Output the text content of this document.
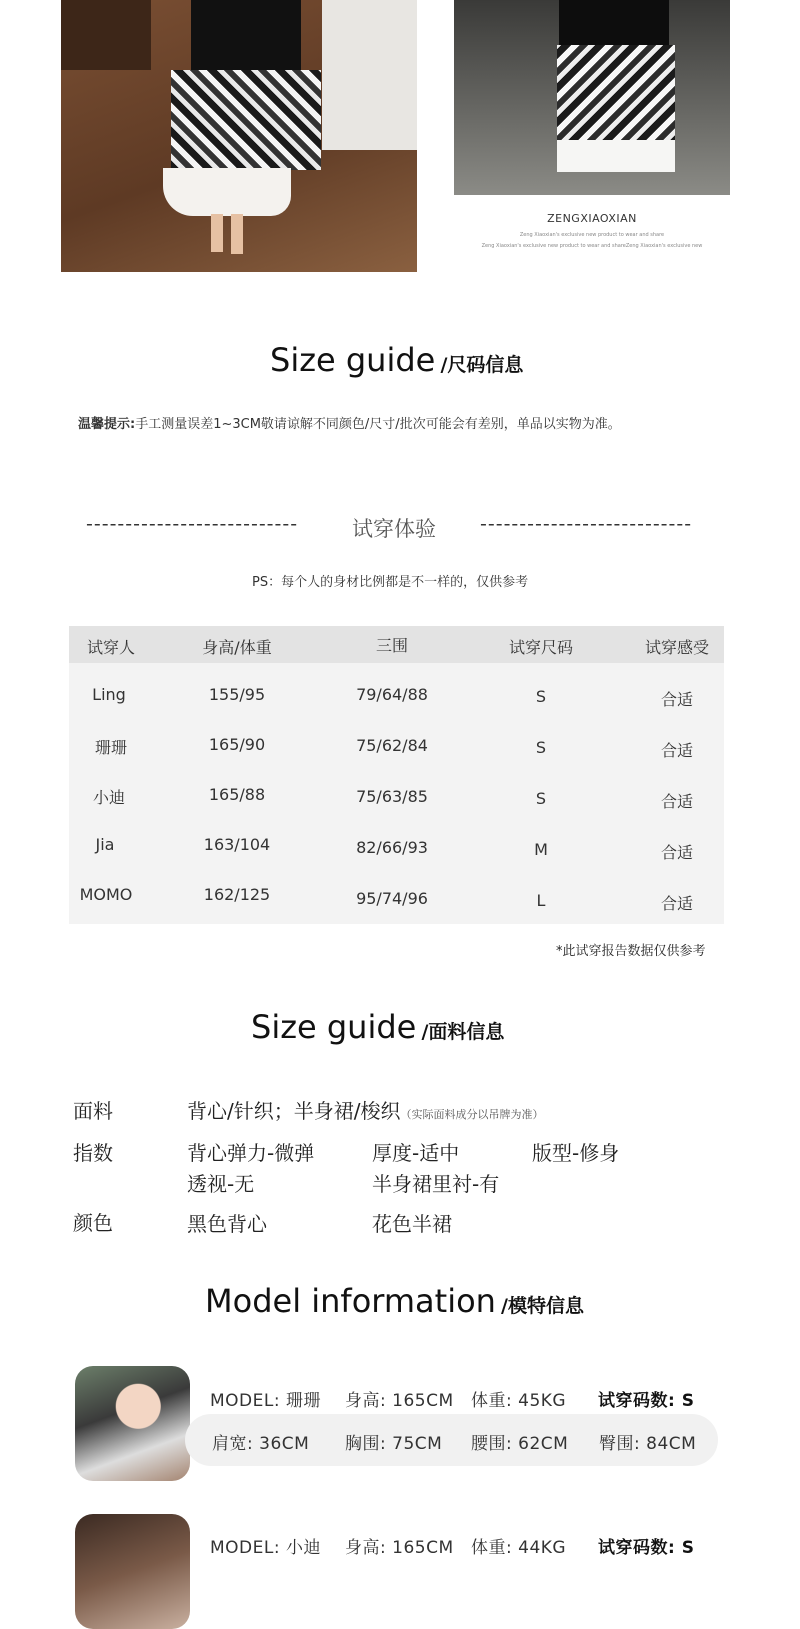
ZENGXIAOXIAN
Zeng Xiaoxian's exclusive new product to wear and share
Zeng Xiaoxian's exclusive new product to wear and shareZeng Xiaoxian's exclusive new
Size guide /尺码信息
温馨提示:手工测量误差1~3CM敬请谅解不同颜色/尺寸/批次可能会有差别，单品以实物为准。
---------------------------	试穿体验 ---------------------------
PS：每个人的身材比例都是不一样的，仅供参考
试穿人	身高/体重	三围	试穿尺码	试穿感受
Ling	155/95	79/64/88	S	合适
珊珊	165/90	75/62/84	S	合适
小迪	165/88	75/63/85	S	合适
Jia	163/104	82/66/93	M	合适
MOMO	162/125	95/74/96	L	合适
*此试穿报告数据仅供参考
Size guide /面料信息
面料	背心/针织；半身裙/梭织（实际面料成分以吊牌为准）
指数	背心弹力-微弹	厚度-适中	版型-修身
透视-无	半身裙里衬-有
颜色	黑色背心	花色半裙
Model information /模特信息
MODEL: 珊珊 身高: 165CM 体重: 45KG 试穿码数: S
肩宽: 36CM 胸围: 75CM 腰围: 62CM 臀围: 84CM
MODEL: 小迪 身高: 165CM 体重: 44KG 试穿码数: S
